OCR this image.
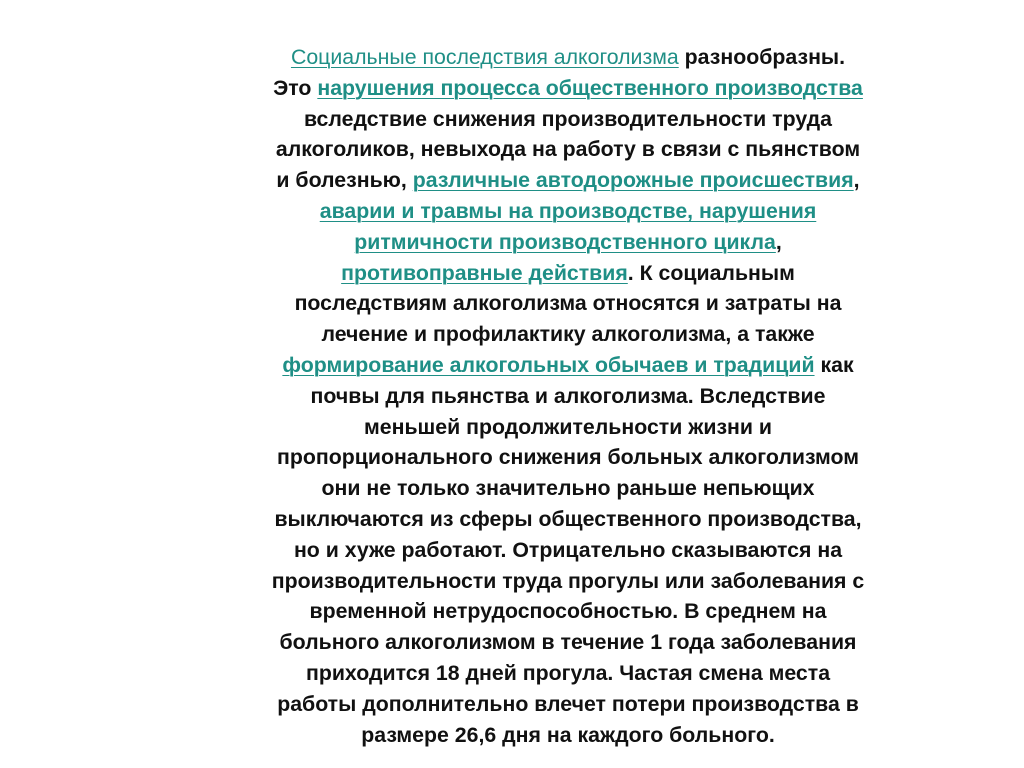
Социальные последствия алкоголизма разнообразны.
Это нарушения процесса общественного производства
вследствие снижения производительности труда
алкоголиков, невыхода на работу в связи с пьянством
и болезнью, различные автодорожные происшествия,
аварии и травмы на производстве, нарушения
ритмичности производственного цикла,
противоправные действия. К социальным
последствиям алкоголизма относятся и затраты на
лечение и профилактику алкоголизма, а также
формирование алкогольных обычаев и традиций как
почвы для пьянства и алкоголизма. Вследствие
меньшей продолжительности жизни и
пропорционального снижения больных алкоголизмом
они не только значительно раньше непьющих
выключаются из сферы общественного производства,
но и хуже работают. Отрицательно сказываются на
производительности труда прогулы или заболевания с
временной нетрудоспособностью. В среднем на
больного алкоголизмом в течение 1 года заболевания
приходится 18 дней прогула. Частая смена места
работы дополнительно влечет потери производства в
размере 26,6 дня на каждого больного.
